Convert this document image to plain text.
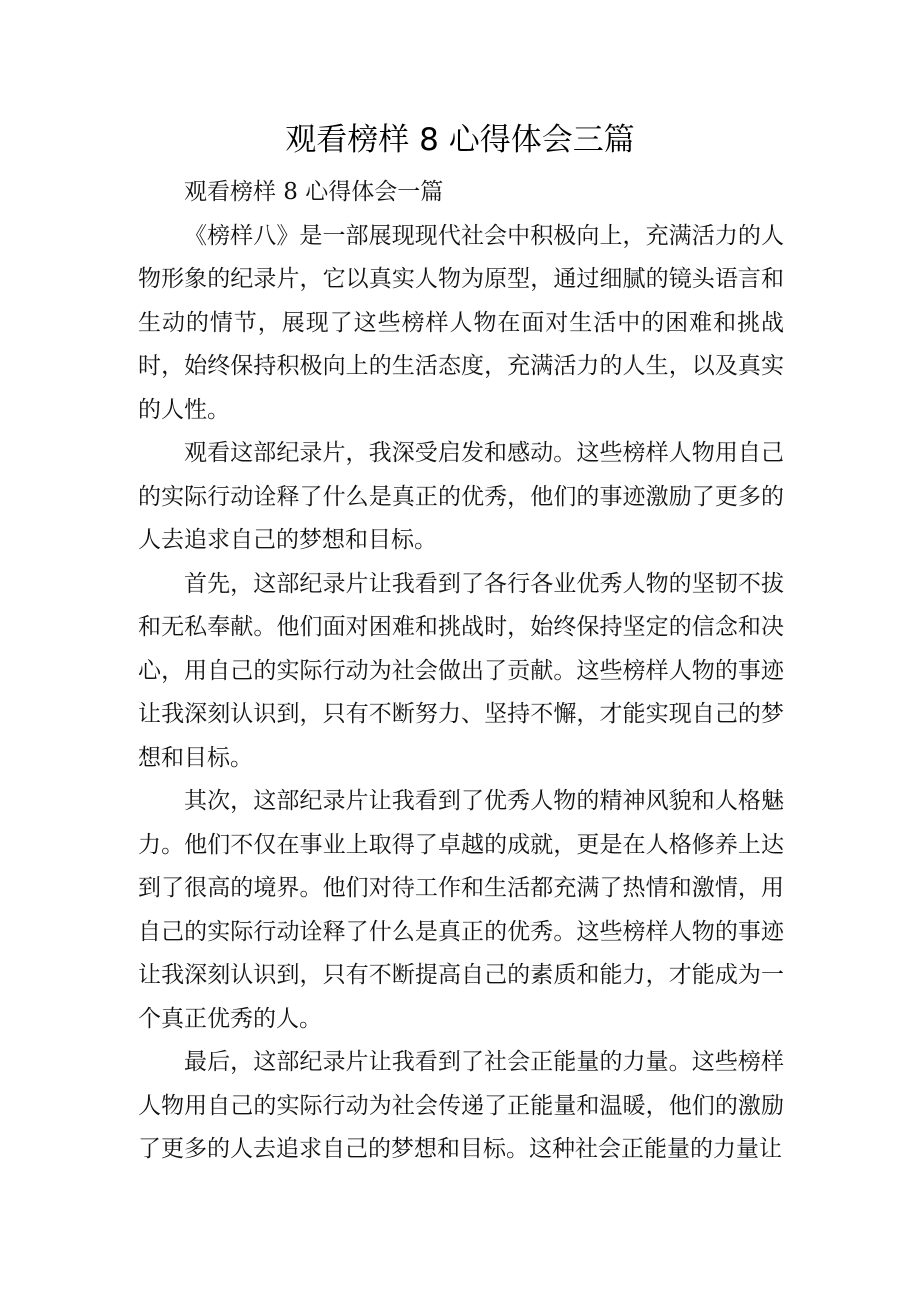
观看榜样 8 心得体会三篇

观看榜样 8 心得体会一篇

《榜样八》是一部展现现代社会中积极向上，充满活力的人物形象的纪录片，它以真实人物为原型，通过细腻的镜头语言和生动的情节，展现了这些榜样人物在面对生活中的困难和挑战时，始终保持积极向上的生活态度，充满活力的人生，以及真实的人性。

观看这部纪录片，我深受启发和感动。这些榜样人物用自己的实际行动诠释了什么是真正的优秀，他们的事迹激励了更多的人去追求自己的梦想和目标。

首先，这部纪录片让我看到了各行各业优秀人物的坚韧不拔和无私奉献。他们面对困难和挑战时，始终保持坚定的信念和决心，用自己的实际行动为社会做出了贡献。这些榜样人物的事迹让我深刻认识到，只有不断努力、坚持不懈，才能实现自己的梦想和目标。

其次，这部纪录片让我看到了优秀人物的精神风貌和人格魅力。他们不仅在事业上取得了卓越的成就，更是在人格修养上达到了很高的境界。他们对待工作和生活都充满了热情和激情，用自己的实际行动诠释了什么是真正的优秀。这些榜样人物的事迹让我深刻认识到，只有不断提高自己的素质和能力，才能成为一个真正优秀的人。

最后，这部纪录片让我看到了社会正能量的力量。这些榜样人物用自己的实际行动为社会传递了正能量和温暖，他们的激励了更多的人去追求自己的梦想和目标。这种社会正能量的力量让
